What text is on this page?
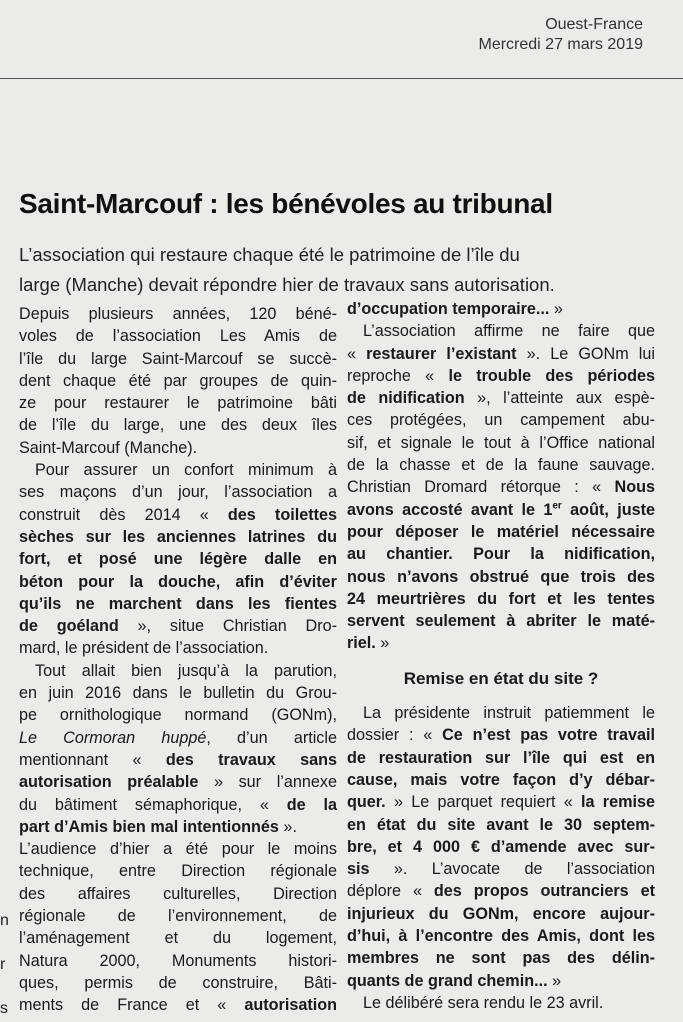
Ouest-France
Mercredi 27 mars 2019
Saint-Marcouf : les bénévoles au tribunal
L’association qui restaure chaque été le patrimoine de l’île du
large (Manche) devait répondre hier de travaux sans autorisation.
Depuis plusieurs années, 120 béné-
voles de l’association Les Amis de
l’île du large Saint-Marcouf se succè-
dent chaque été par groupes de quin-
ze pour restaurer le patrimoine bâti
de l’île du large, une des deux îles
Saint-Marcouf (Manche).
Pour assurer un confort minimum à
ses maçons d’un jour, l’association a
construit dès 2014 « des toilettes
sèches sur les anciennes latrines du
fort, et posé une légère dalle en
béton pour la douche, afin d’éviter
qu’ils ne marchent dans les fientes
de goéland », situe Christian Dro-
mard, le président de l’association.
Tout allait bien jusqu’à la parution,
en juin 2016 dans le bulletin du Grou-
pe ornithologique normand (GONm),
Le Cormoran huppé, d’un article
mentionnant « des travaux sans
autorisation préalable » sur l’annexe
du bâtiment sémaphorique, « de la
part d’Amis bien mal intentionnés ».
L’audience d’hier a été pour le moins
technique, entre Direction régionale
des affaires culturelles, Direction
régionale de l’environnement, de
l’aménagement et du logement,
Natura 2000, Monuments histori-
ques, permis de construire, Bâti-
ments de France et « autorisation
d’occupation temporaire... »
L’association affirme ne faire que
« restaurer l’existant ». Le GONm lui
reproche « le trouble des périodes
de nidification », l’atteinte aux espè-
ces protégées, un campement abu-
sif, et signale le tout à l’Office national
de la chasse et de la faune sauvage.
Christian Dromard rétorque : « Nous
avons accosté avant le 1er août, juste
pour déposer le matériel nécessaire
au chantier. Pour la nidification,
nous n’avons obstrué que trois des
24 meurtrières du fort et les tentes
servent seulement à abriter le maté-
riel. »
Remise en état du site ?
La présidente instruit patiemment le
dossier : « Ce n’est pas votre travail
de restauration sur l’île qui est en
cause, mais votre façon d’y débar-
quer. » Le parquet requiert « la remise
en état du site avant le 30 septem-
bre, et 4 000 € d’amende avec sur-
sis ». L’avocate de l’association
déplore « des propos outranciers et
injurieux du GONm, encore aujour-
d’hui, à l’encontre des Amis, dont les
membres ne sont pas des délin-
quants de grand chemin... »
Le délibéré sera rendu le 23 avril.
n
r
s
